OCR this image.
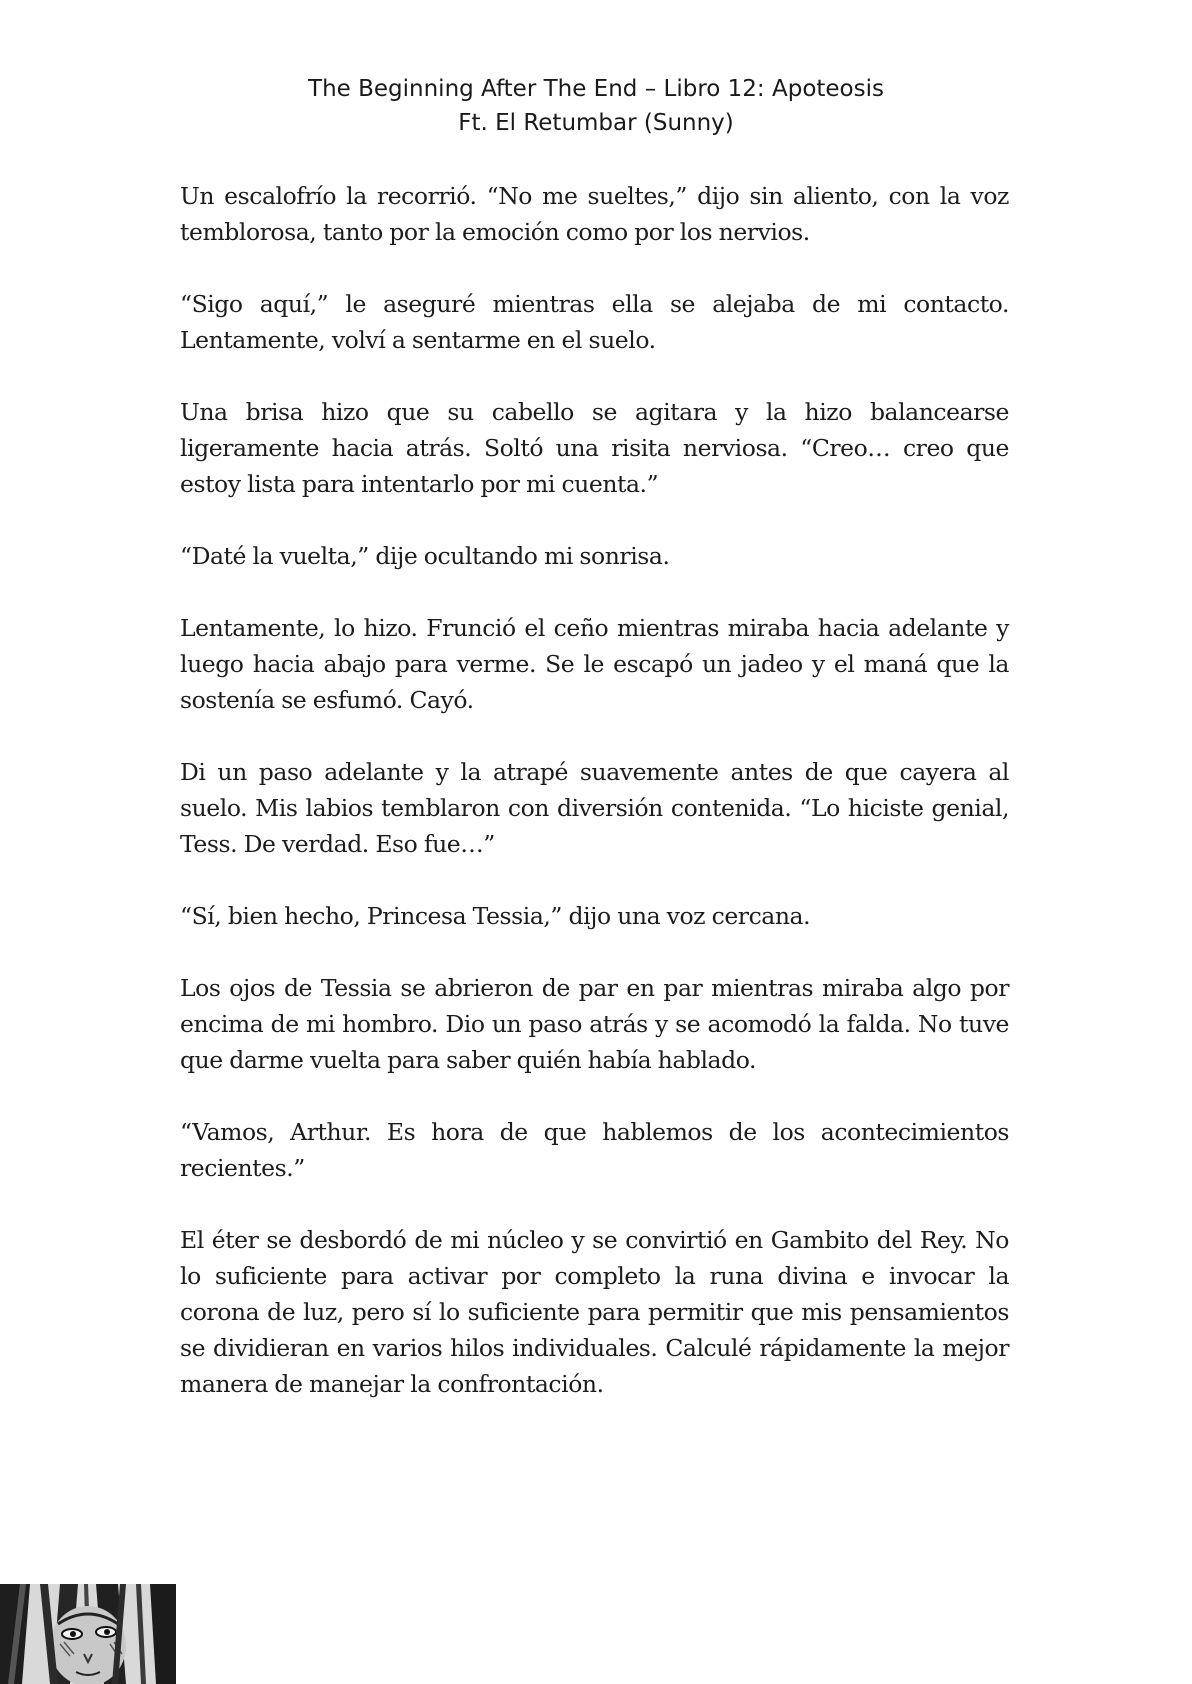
The Beginning After The End – Libro 12: Apoteosis
Ft. El Retumbar (Sunny)

Un escalofrío la recorrió. “No me sueltes,” dijo sin aliento, con la voz temblorosa, tanto por la emoción como por los nervios.

“Sigo aquí,” le aseguré mientras ella se alejaba de mi contacto. Lentamente, volví a sentarme en el suelo.

Una brisa hizo que su cabello se agitara y la hizo balancearse ligeramente hacia atrás. Soltó una risita nerviosa. “Creo… creo que estoy lista para intentarlo por mi cuenta.”

“Daté la vuelta,” dije ocultando mi sonrisa.

Lentamente, lo hizo. Frunció el ceño mientras miraba hacia adelante y luego hacia abajo para verme. Se le escapó un jadeo y el maná que la sostenía se esfumó. Cayó.

Di un paso adelante y la atrapé suavemente antes de que cayera al suelo. Mis labios temblaron con diversión contenida. “Lo hiciste genial, Tess. De verdad. Eso fue…”

“Sí, bien hecho, Princesa Tessia,” dijo una voz cercana.

Los ojos de Tessia se abrieron de par en par mientras miraba algo por encima de mi hombro. Dio un paso atrás y se acomodó la falda. No tuve que darme vuelta para saber quién había hablado.

“Vamos, Arthur. Es hora de que hablemos de los acontecimientos recientes.”

El éter se desbordó de mi núcleo y se convirtió en Gambito del Rey. No lo suficiente para activar por completo la runa divina e invocar la corona de luz, pero sí lo suficiente para permitir que mis pensamientos se dividieran en varios hilos individuales. Calculé rápidamente la mejor manera de manejar la confrontación.
